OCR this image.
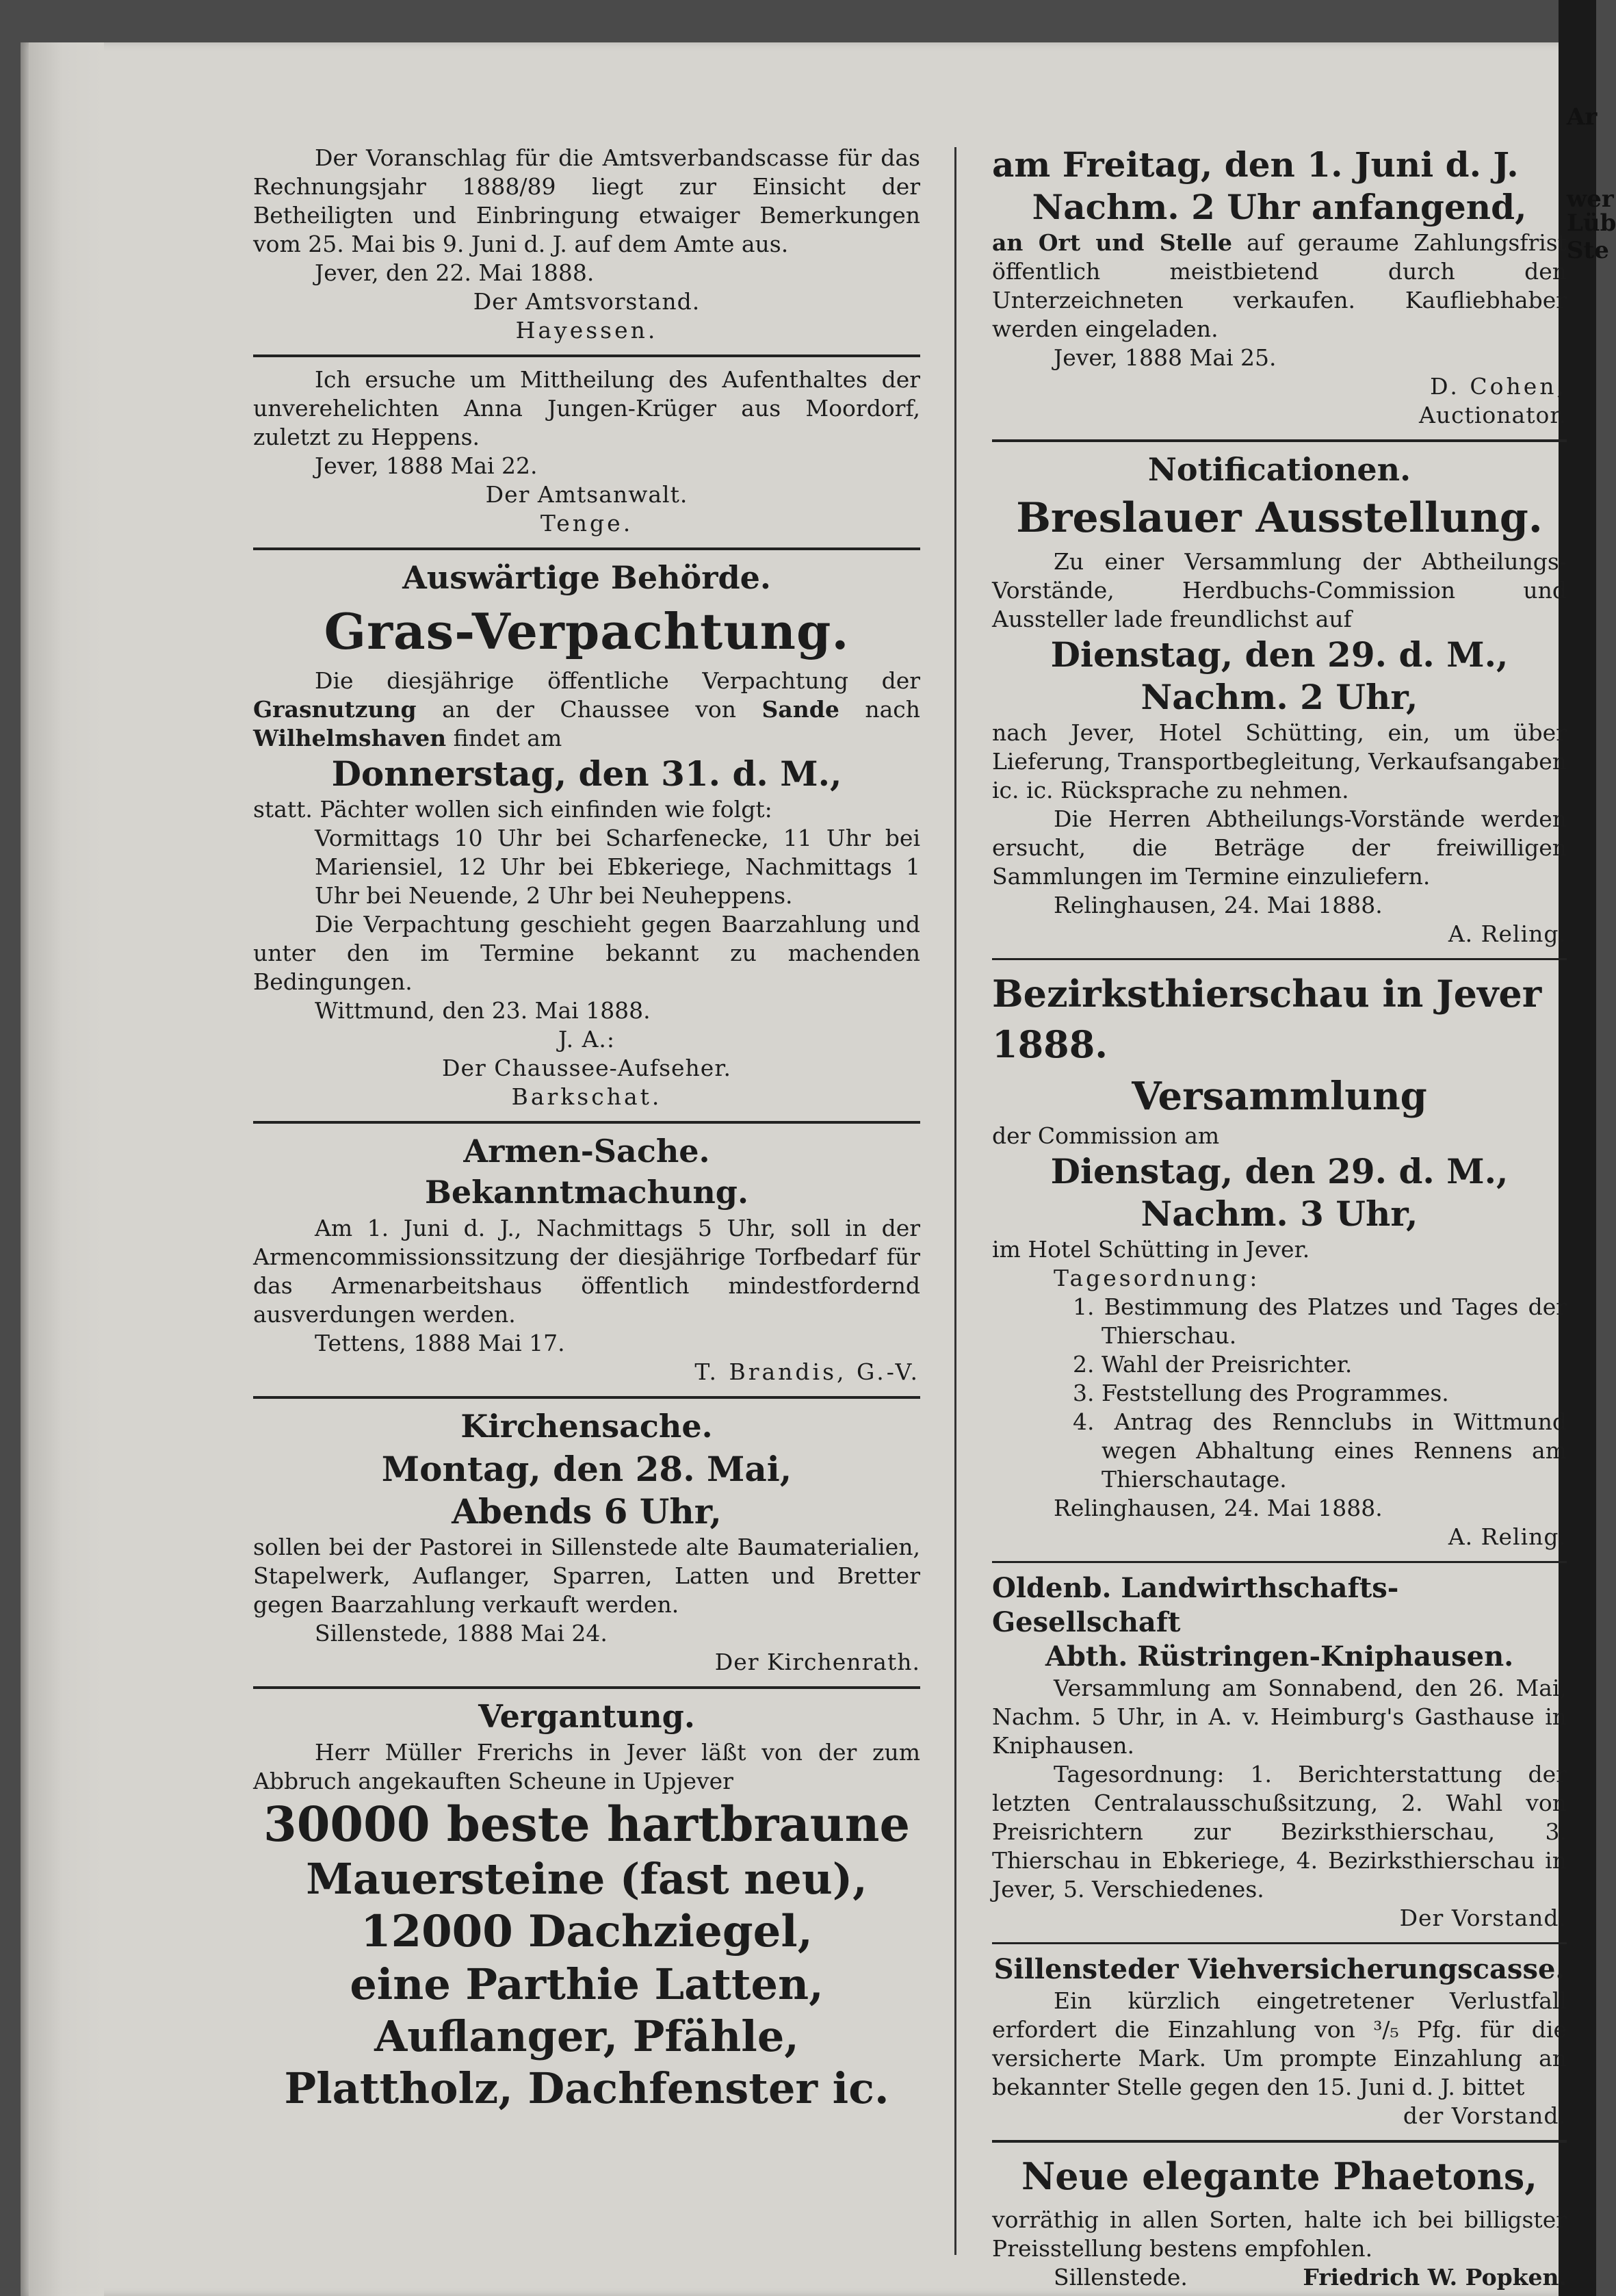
Ar
wer
Lüb
Ste

Der Voranschlag für die Amtsverbandscasse für das Rechnungsjahr 1888/89 liegt zur Einsicht der Betheiligten und Einbringung etwaiger Bemerkungen vom 25. Mai bis 9. Juni d. J. auf dem Amte aus.

Jever, den 22. Mai 1888.

Der Amtsvorstand.

Hayessen.

Ich ersuche um Mittheilung des Aufenthaltes der unverehelichten Anna Jungen-Krüger aus Moordorf, zuletzt zu Heppens.

Jever, 1888 Mai 22.

Der Amtsanwalt.

Tenge.

Auswärtige Behörde.

Gras-Verpachtung.

Die diesjährige öffentliche Verpachtung der Grasnutzung an der Chaussee von Sande nach Wilhelmshaven findet am

Donnerstag, den 31. d. M.,

statt. Pächter wollen sich einfinden wie folgt:

Vormittags 10 Uhr bei Scharfenecke, 11 Uhr bei Mariensiel, 12 Uhr bei Ebkeriege, Nachmittags 1 Uhr bei Neuende, 2 Uhr bei Neuheppens.

Die Verpachtung geschieht gegen Baarzahlung und unter den im Termine bekannt zu machenden Bedingungen.

Wittmund, den 23. Mai 1888.

J. A.:

Der Chaussee-Aufseher.

Barkschat.

Armen-Sache.

Bekanntmachung.

Am 1. Juni d. J., Nachmittags 5 Uhr, soll in der Armencommissionssitzung der diesjährige Torfbedarf für das Armenarbeitshaus öffentlich mindestfordernd ausverdungen werden.

Tettens, 1888 Mai 17.

T. Brandis, G.-V.

Kirchensache.

Montag, den 28. Mai,

Abends 6 Uhr,

sollen bei der Pastorei in Sillenstede alte Baumaterialien, Stapelwerk, Auflanger, Sparren, Latten und Bretter gegen Baarzahlung verkauft werden.

Sillenstede, 1888 Mai 24.

Der Kirchenrath.

Vergantung.

Herr Müller Frerichs in Jever läßt von der zum Abbruch angekauften Scheune in Upjever

30000 beste hartbraune

Mauersteine (fast neu),

12000 Dachziegel,

eine Parthie Latten, Auflanger, Pfähle, Plattholz, Dachfenster ic.

am Freitag, den 1. Juni d. J.

Nachm. 2 Uhr anfangend,

an Ort und Stelle auf geraume Zahlungsfrist öffentlich meistbietend durch den Unterzeichneten verkaufen. Kaufliebhaber werden eingeladen.

Jever, 1888 Mai 25.

D. Cohen,

Auctionator.

Notificationen.

Breslauer Ausstellung.

Zu einer Versammlung der Abtheilungs-Vorstände, Herdbuchs-Commission und Aussteller lade freundlichst auf

Dienstag, den 29. d. M.,

Nachm. 2 Uhr,

nach Jever, Hotel Schütting, ein, um über Lieferung, Transportbegleitung, Verkaufsangaben ic. ic. Rücksprache zu nehmen.

Die Herren Abtheilungs-Vorstände werden ersucht, die Beträge der freiwilligen Sammlungen im Termine einzuliefern.

Relinghausen, 24. Mai 1888.

A. Reling.

Bezirksthierschau in Jever 1888.

Versammlung

der Commission am

Dienstag, den 29. d. M.,

Nachm. 3 Uhr,

im Hotel Schütting in Jever.

Tagesordnung:

1. Bestimmung des Platzes und Tages der Thierschau.

2. Wahl der Preisrichter.

3. Feststellung des Programmes.

4. Antrag des Rennclubs in Wittmund wegen Abhaltung eines Rennens am Thierschautage.

Relinghausen, 24. Mai 1888.

A. Reling.

Oldenb. Landwirthschafts-Gesellschaft

Abth. Rüstringen-Kniphausen.

Versammlung am Sonnabend, den 26. Mai, Nachm. 5 Uhr, in A. v. Heimburg's Gasthause in Kniphausen.

Tagesordnung: 1. Berichterstattung der letzten Centralausschußsitzung, 2. Wahl von Preisrichtern zur Bezirksthierschau, 3. Thierschau in Ebkeriege, 4. Bezirksthierschau in Jever, 5. Verschiedenes.

Der Vorstand.

Sillensteder Viehversicherungscasse.

Ein kürzlich eingetretener Verlustfall erfordert die Einzahlung von ³/₅ Pfg. für die versicherte Mark. Um prompte Einzahlung an bekannter Stelle gegen den 15. Juni d. J. bittet

der Vorstand.

Neue elegante Phaetons,

vorräthig in allen Sorten, halte ich bei billigster Preisstellung bestens empfohlen.

Sillenstede.	Friedrich W. Popken.
